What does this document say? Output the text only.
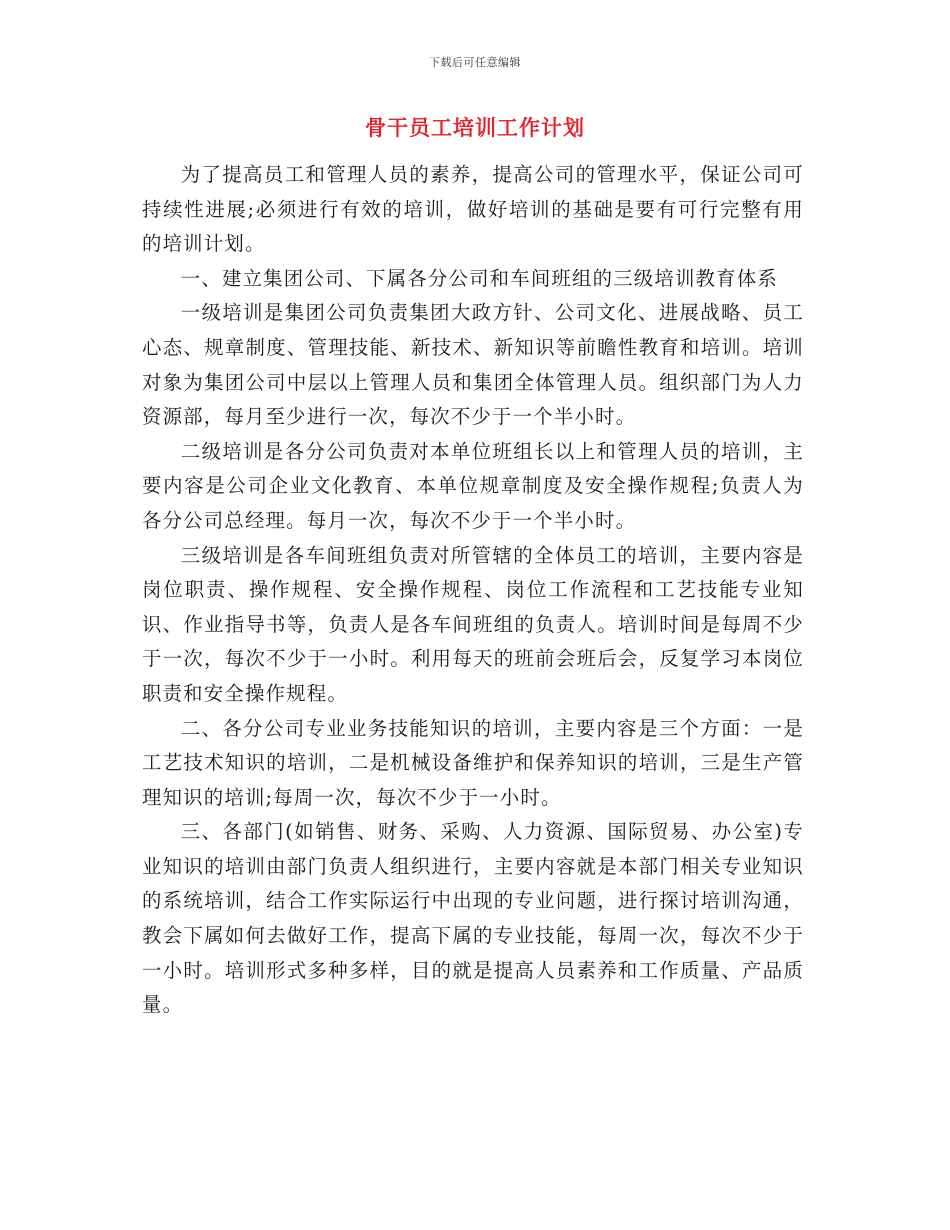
下载后可任意编辑
骨干员工培训工作计划

为了提高员工和管理人员的素养，提高公司的管理水平，保证公司可持续性进展;必须进行有效的培训，做好培训的基础是要有可行完整有用的培训计划。

一、建立集团公司、下属各分公司和车间班组的三级培训教育体系

一级培训是集团公司负责集团大政方针、公司文化、进展战略、员工心态、规章制度、管理技能、新技术、新知识等前瞻性教育和培训。培训对象为集团公司中层以上管理人员和集团全体管理人员。组织部门为人力资源部，每月至少进行一次，每次不少于一个半小时。

二级培训是各分公司负责对本单位班组长以上和管理人员的培训，主要内容是公司企业文化教育、本单位规章制度及安全操作规程;负责人为各分公司总经理。每月一次，每次不少于一个半小时。

三级培训是各车间班组负责对所管辖的全体员工的培训，主要内容是岗位职责、操作规程、安全操作规程、岗位工作流程和工艺技能专业知识、作业指导书等，负责人是各车间班组的负责人。培训时间是每周不少于一次，每次不少于一小时。利用每天的班前会班后会，反复学习本岗位职责和安全操作规程。

二、各分公司专业业务技能知识的培训，主要内容是三个方面：一是工艺技术知识的培训，二是机械设备维护和保养知识的培训，三是生产管理知识的培训;每周一次，每次不少于一小时。

三、各部门(如销售、财务、采购、人力资源、国际贸易、办公室)专业知识的培训由部门负责人组织进行，主要内容就是本部门相关专业知识的系统培训，结合工作实际运行中出现的专业问题，进行探讨培训沟通，教会下属如何去做好工作，提高下属的专业技能，每周一次，每次不少于一小时。培训形式多种多样，目的就是提高人员素养和工作质量、产品质量。
